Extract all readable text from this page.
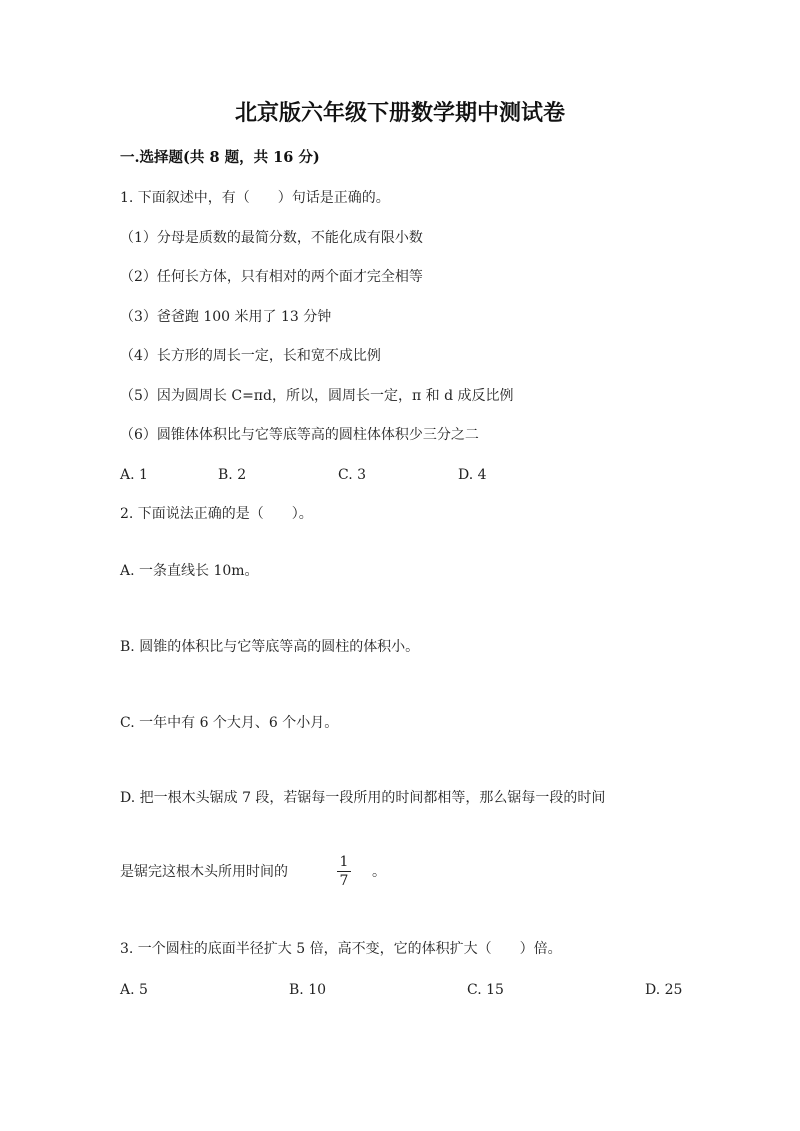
北京版六年级下册数学期中测试卷
一.选择题(共 8 题，共 16 分)
1. 下面叙述中，有（　　）句话是正确的。
（1）分母是质数的最简分数，不能化成有限小数
（2）任何长方体，只有相对的两个面才完全相等
（3）爸爸跑 100 米用了 13 分钟
（4）长方形的周长一定，长和宽不成比例
（5）因为圆周长 C=πd，所以，圆周长一定，π 和 d 成反比例
（6）圆锥体体积比与它等底等高的圆柱体体积少三分之二
A. 1	B. 2	C. 3	D. 4
2. 下面说法正确的是（　　）。
A. 一条直线长 10m。
B. 圆锥的体积比与它等底等高的圆柱的体积小。
C. 一年中有 6 个大月、6 个小月。
D. 把一根木头锯成 7 段，若锯每一段所用的时间都相等，那么锯每一段的时间
是锯完这根木头所用时间的
1
7
。
3. 一个圆柱的底面半径扩大 5 倍，高不变，它的体积扩大（　　）倍。
A. 5	B. 10	C. 15	D. 25
